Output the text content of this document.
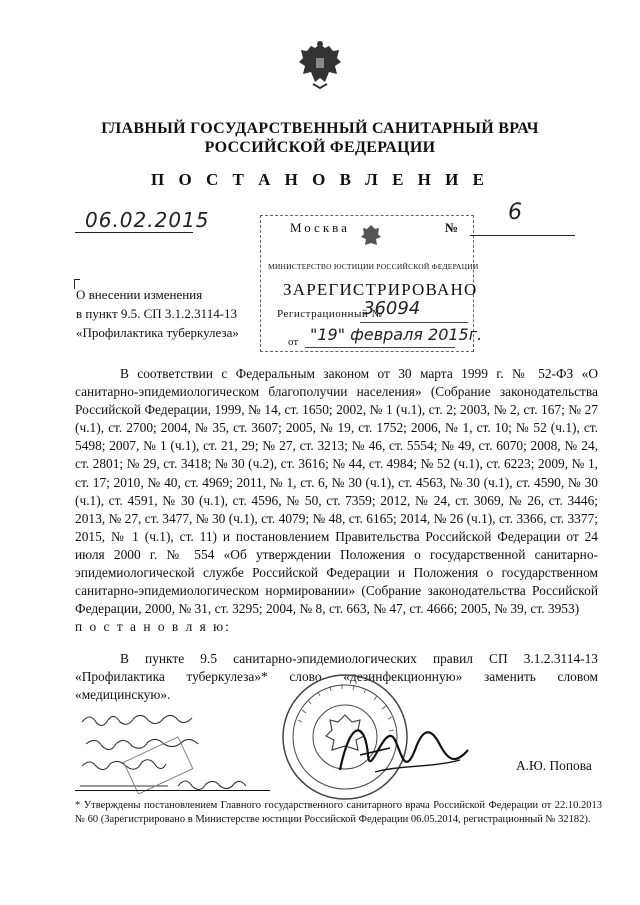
ГЛАВНЫЙ ГОСУДАРСТВЕННЫЙ САНИТАРНЫЙ ВРАЧ
РОССИЙСКОЙ ФЕДЕРАЦИИ
П О С Т А Н О В Л Е Н И Е
06.02.2015	Москва	№
6
МИНИСТЕРСТВО ЮСТИЦИИ РОССИЙСКОЙ ФЕДЕРАЦИИ
ЗАРЕГИСТРИРОВАНО
Регистрационный №
36094
от "19" февраля 2015г.
О внесении изменения
в пункт 9.5. СП 3.1.2.3114-13
«Профилактика туберкулеза»

В соответствии с Федеральным законом от 30 марта 1999 г. № 52-ФЗ «О санитарно-эпидемиологическом благополучии населения» (Собрание законодательства Российской Федерации, 1999, № 14, ст. 1650; 2002, № 1 (ч.1), ст. 2; 2003, № 2, ст. 167; № 27 (ч.1), ст. 2700; 2004, № 35, ст. 3607; 2005, № 19, ст. 1752; 2006, № 1, ст. 10; № 52 (ч.1), ст. 5498; 2007, № 1 (ч.1), ст. 21, 29; № 27, ст. 3213; № 46, ст. 5554; № 49, ст. 6070; 2008, № 24, ст. 2801; № 29, ст. 3418; № 30 (ч.2), ст. 3616; № 44, ст. 4984; № 52 (ч.1), ст. 6223; 2009, № 1, ст. 17; 2010, № 40, ст. 4969; 2011, № 1, ст. 6, № 30 (ч.1), ст. 4563, № 30 (ч.1), ст. 4590, № 30 (ч.1), ст. 4591, № 30 (ч.1), ст. 4596, № 50, ст. 7359; 2012, № 24, ст. 3069, № 26, ст. 3446; 2013, № 27, ст. 3477, № 30 (ч.1), ст. 4079; № 48, ст. 6165; 2014, № 26 (ч.1), ст. 3366, ст. 3377; 2015, № 1 (ч.1), ст. 11) и постановлением Правительства Российской Федерации от 24 июля 2000 г. № 554 «Об утверждении Положения о государственной санитарно-эпидемиологической службе Российской Федерации и Положения о государственном санитарно-эпидемиологическом нормировании» (Собрание законодательства Российской Федерации, 2000, № 31, ст. 3295; 2004, № 8, ст. 663, № 47, ст. 4666; 2005, № 39, ст. 3953)

п о с т а н о в л я ю:

В пункте 9.5 санитарно-эпидемиологических правил СП 3.1.2.3114-13 «Профилактика туберкулеза»* слово «дезинфекционную» заменить словом «медицинскую».

А.Ю. Попова
* Утверждены постановлением Главного государственного санитарного врача Российской Федерации от 22.10.2013 № 60 (Зарегистрировано в Министерстве юстиции Российской Федерации 06.05.2014, регистрационный № 32182).
